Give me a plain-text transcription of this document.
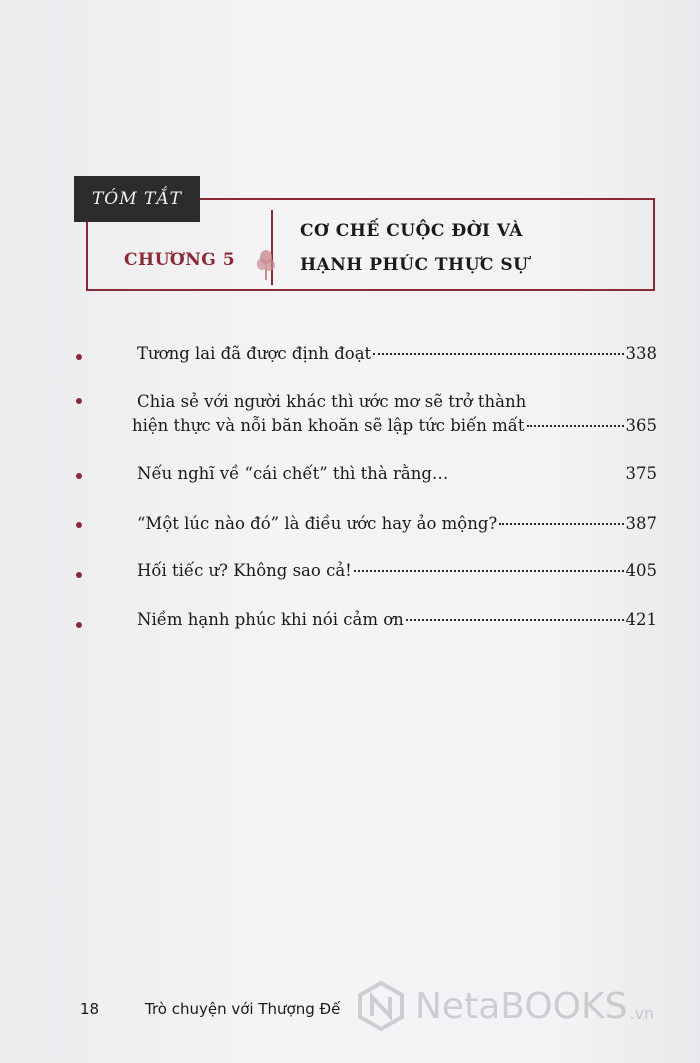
TÓM TẮT
CHƯƠNG 5
CƠ CHẾ CUỘC ĐỜI VÀ
HẠNH PHÚC THỰC SỰ
Tương lai đã được định đoạt	338
Chia sẻ với người khác thì ước mơ sẽ trở thành
hiện thực và nỗi băn khoăn sẽ lập tức biến mất	365
Nếu nghĩ về “cái chết” thì thà rằng…	375
“Một lúc nào đó” là điều ước hay ảo mộng?	387
Hối tiếc ư? Không sao cả!	405
Niềm hạnh phúc khi nói cảm ơn	421
18	Trò chuyện với Thượng Đế NetaBOOKS .vn
